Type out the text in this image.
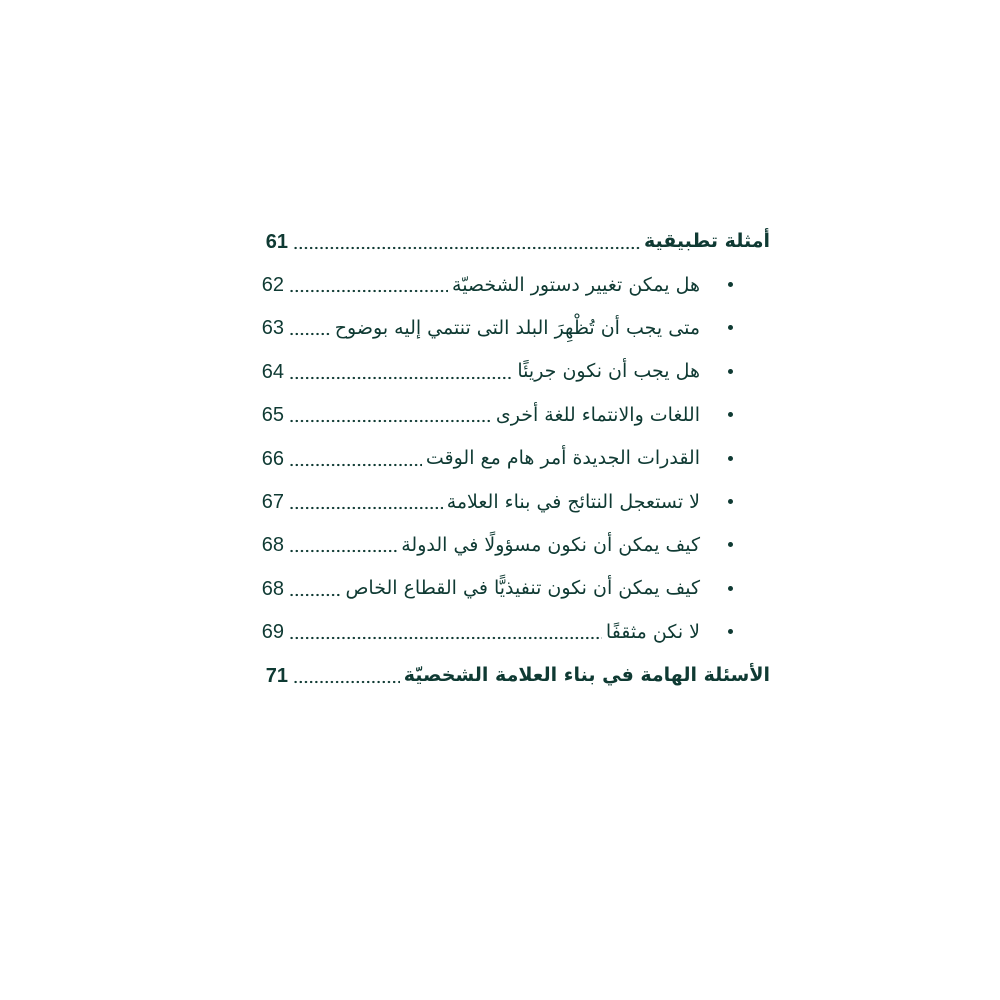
61	أمثلة تطبيقية
62	هل يمكن تغيير دستور الشخصيّة
63	متى يجب أن تُظْهِرَ البلد التى تنتمي إليه بوضوح
64	هل يجب أن نكون جريئًا
65	اللغات والانتماء للغة أخرى
66	القدرات الجديدة أمر هام مع الوقت
67	لا تستعجل النتائج في بناء العلامة
68	كيف يمكن أن نكون مسؤولًا في الدولة
68	كيف يمكن أن نكون تنفيذيًّا في القطاع الخاص
69	لا نكن مثقفًا
71	الأسئلة الهامة في بناء العلامة الشخصيّة
